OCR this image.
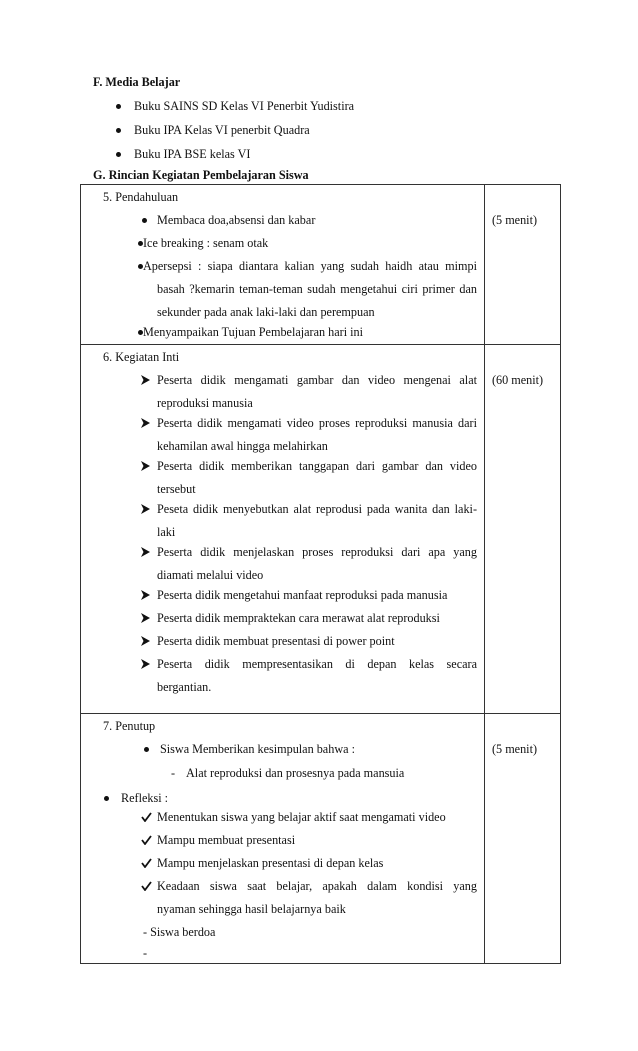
F. Media Belajar
Buku SAINS SD Kelas VI Penerbit Yudistira
Buku IPA Kelas VI penerbit Quadra
Buku IPA BSE kelas VI
G. Rincian Kegiatan Pembelajaran Siswa
5. Pendahuluan
(5 menit)
Membaca doa,absensi dan kabar
Ice breaking : senam otak
Apersepsi : siapa diantara kalian yang sudah haidh atau mimpi
basah ?kemarin teman-teman sudah mengetahui ciri primer dan
sekunder pada anak laki-laki dan perempuan
Menyampaikan Tujuan Pembelajaran hari ini
6. Kegiatan Inti
(60 menit)
Peserta didik mengamati gambar dan video mengenai alat
reproduksi manusia
Peserta didik mengamati video proses reproduksi manusia dari
kehamilan awal hingga melahirkan
Peserta didik memberikan tanggapan dari gambar dan video
tersebut
Peseta didik menyebutkan alat reprodusi pada wanita dan laki-
laki
Peserta didik menjelaskan proses reproduksi dari apa yang
diamati melalui video
Peserta didik mengetahui manfaat reproduksi pada manusia
Peserta didik mempraktekan cara merawat alat reproduksi
Peserta didik membuat presentasi di power point
Peserta didik mempresentasikan di depan kelas secara
bergantian.
7. Penutup
(5 menit)
Siswa Memberikan kesimpulan bahwa :
- Alat reproduksi dan prosesnya pada mansuia
Refleksi :
Menentukan siswa yang belajar aktif saat mengamati video
Mampu membuat presentasi
Mampu menjelaskan presentasi di depan kelas
Keadaan siswa saat belajar, apakah dalam kondisi yang
nyaman sehingga hasil belajarnya baik
- Siswa berdoa
-
